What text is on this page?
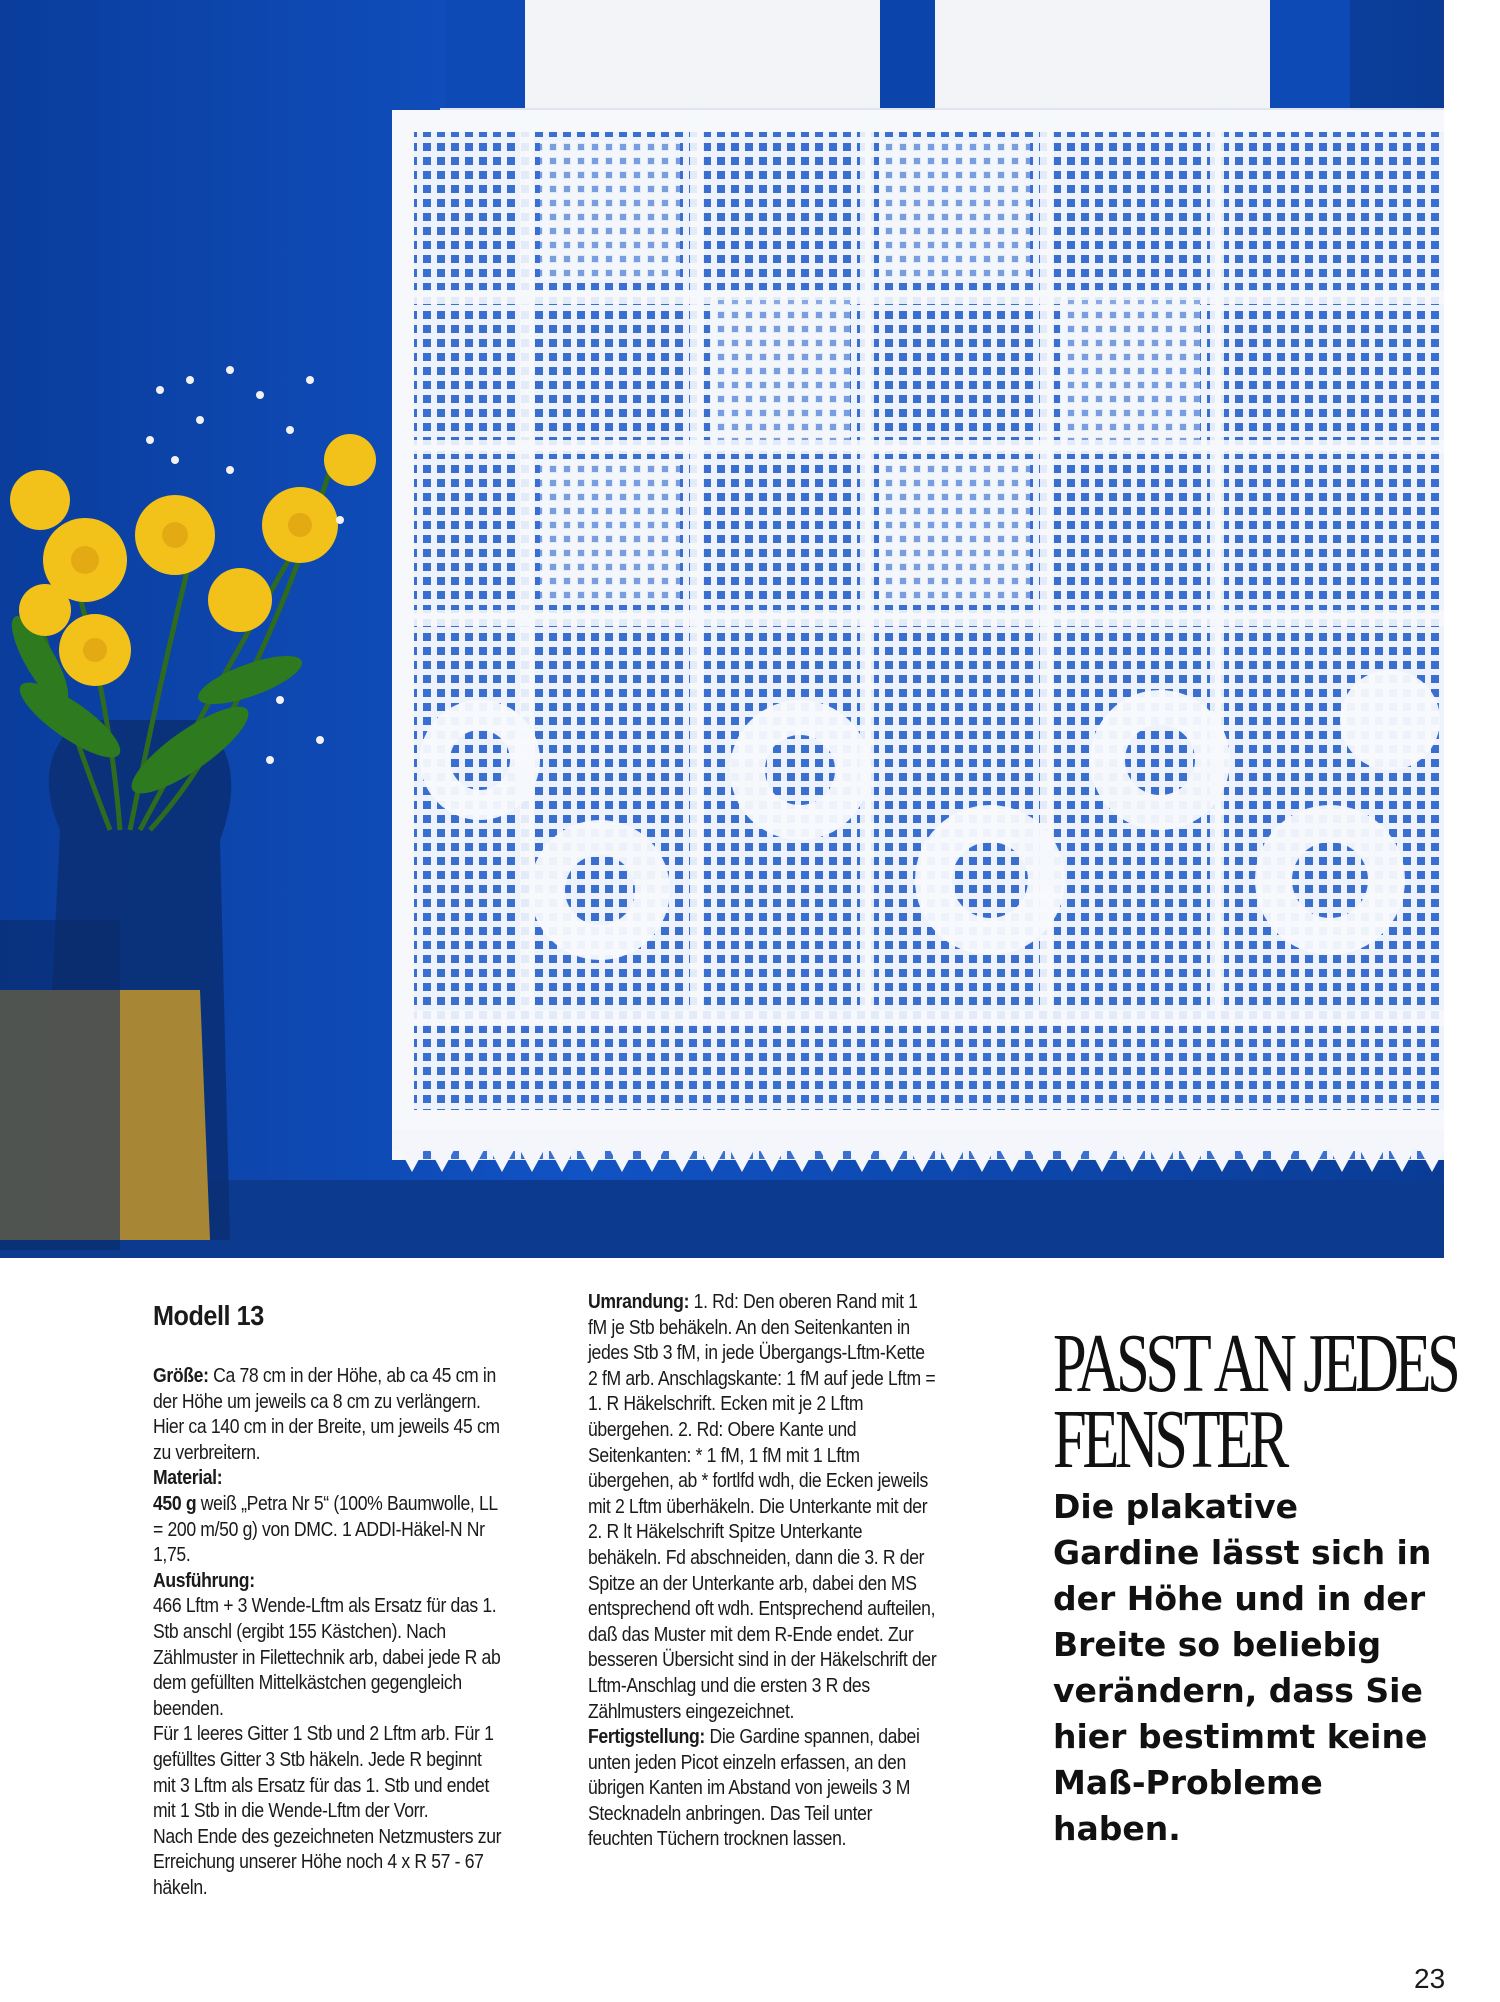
Modell 13

Größe: Ca 78 cm in der Höhe, ab ca 45 cm in der Höhe um jeweils ca 8 cm zu verlängern. Hier ca 140 cm in der Breite, um jeweils 45 cm zu verbreitern.

Material:

450 g weiß „Petra Nr 5“ (100% Baumwolle, LL = 200 m/50 g) von DMC. 1 ADDI-Häkel-N Nr 1,75.

Ausführung:

466 Lftm + 3 Wende-Lftm als Ersatz für das 1. Stb anschl (ergibt 155 Kästchen). Nach Zählmuster in Filettechnik arb, dabei jede R ab dem gefüllten Mittelkästchen gegengleich beenden.

Für 1 leeres Gitter 1 Stb und 2 Lftm arb. Für 1 gefülltes Gitter 3 Stb häkeln. Jede R beginnt mit 3 Lftm als Ersatz für das 1. Stb und endet mit 1 Stb in die Wende-Lftm der Vorr.

Nach Ende des gezeichneten Netzmusters zur Erreichung unserer Höhe noch 4 x R 57 - 67 häkeln.

Umrandung: 1. Rd: Den oberen Rand mit 1 fM je Stb behäkeln. An den Seitenkanten in jedes Stb 3 fM, in jede Übergangs-Lftm-Kette 2 fM arb. Anschlagskante: 1 fM auf jede Lftm = 1. R Häkelschrift. Ecken mit je 2 Lftm übergehen. 2. Rd: Obere Kante und Seitenkanten: * 1 fM, 1 fM mit 1 Lftm übergehen, ab * fortlfd wdh, die Ecken jeweils mit 2 Lftm überhäkeln. Die Unterkante mit der 2. R lt Häkelschrift Spitze Unterkante behäkeln. Fd abschneiden, dann die 3. R der Spitze an der Unterkante arb, dabei den MS entsprechend oft wdh. Entsprechend aufteilen, daß das Muster mit dem R-Ende endet. Zur besseren Übersicht sind in der Häkelschrift der Lftm-Anschlag und die ersten 3 R des Zählmusters eingezeichnet.

Fertigstellung: Die Gardine spannen, dabei unten jeden Picot einzeln erfassen, an den übrigen Kanten im Abstand von jeweils 3 M Stecknadeln anbringen. Das Teil unter feuchten Tüchern trocknen lassen.

PASST AN JEDES
FENSTER
Die plakative Gardine lässt sich in der Höhe und in der Breite so beliebig verändern, dass Sie hier bestimmt keine Maß-Probleme haben.
23
